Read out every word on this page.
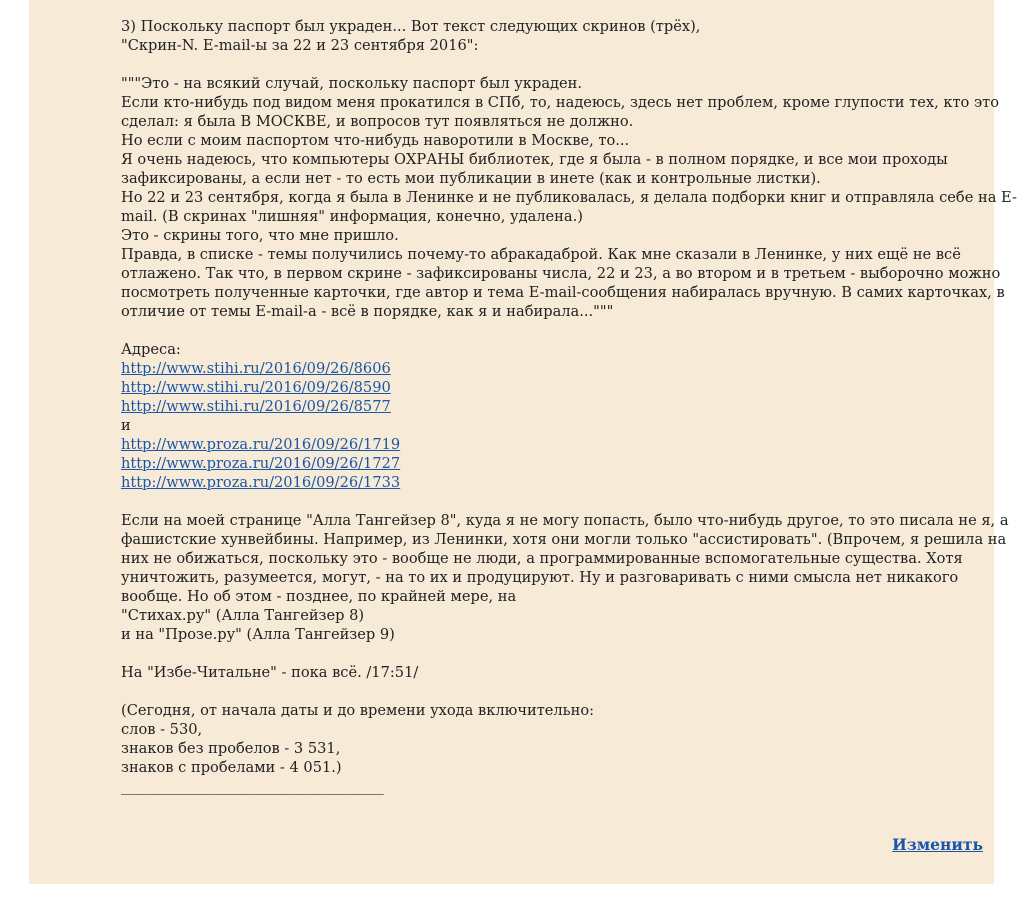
3) Поскольку паспорт был украден... Вот текст следующих скринов (трёх),
"Скрин-N. E-mail-ы за 22 и 23 сентября 2016":
"""Это - на всякий случай, поскольку паспорт был украден.
Если кто-нибудь под видом меня прокатился в СПб, то, надеюсь, здесь нет проблем, кроме глупости тех, кто это
сделал: я была В МОСКВЕ, и вопросов тут появляться не должно.
Но если с моим паспортом что-нибудь наворотили в Москве, то...
Я очень надеюсь, что компьютеры ОХРАНЫ библиотек, где я была - в полном порядке, и все мои проходы
зафиксированы, а если нет - то есть мои публикации в инете (как и контрольные листки).
Но 22 и 23 сентября, когда я была в Ленинке и не публиковалась, я делала подборки книг и отправляла себе на E-
mail. (В скринах "лишняя" информация, конечно, удалена.)
Это - скрины того, что мне пришло.
Правда, в списке - темы получились почему-то абракадаброй. Как мне сказали в Ленинке, у них ещё не всё
отлажено. Так что, в первом скрине - зафиксированы числа, 22 и 23, а во втором и в третьем - выборочно можно
посмотреть полученные карточки, где автор и тема E-mail-сообщения набиралась вручную. В самих карточках, в
отличие от темы E-mail-а - всё в порядке, как я и набирала..."""
Адреса:
http://www.stihi.ru/2016/09/26/8606
http://www.stihi.ru/2016/09/26/8590
http://www.stihi.ru/2016/09/26/8577
и
http://www.proza.ru/2016/09/26/1719
http://www.proza.ru/2016/09/26/1727
http://www.proza.ru/2016/09/26/1733
Если на моей странице "Алла Тангейзер 8", куда я не могу попасть, было что-нибудь другое, то это писала не я, а
фашистские хунвейбины. Например, из Ленинки, хотя они могли только "ассистировать". (Впрочем, я решила на
них не обижаться, поскольку это - вообще не люди, а программированные вспомогательные существа. Хотя
уничтожить, разумеется, могут, - на то их и продуцируют. Ну и разговаривать с ними смысла нет никакого
вообще. Но об этом - позднее, по крайней мере, на
"Стихах.ру" (Алла Тангейзер 8)
и на "Прозе.ру" (Алла Тангейзер 9)
На "Избе-Читальне" - пока всё. /17:51/
(Сегодня, от начала даты и до времени ухода включительно:
слов - 530,
знаков без пробелов - 3 531,
знаков с пробелами - 4 051.)
____________________________________
Изменить
